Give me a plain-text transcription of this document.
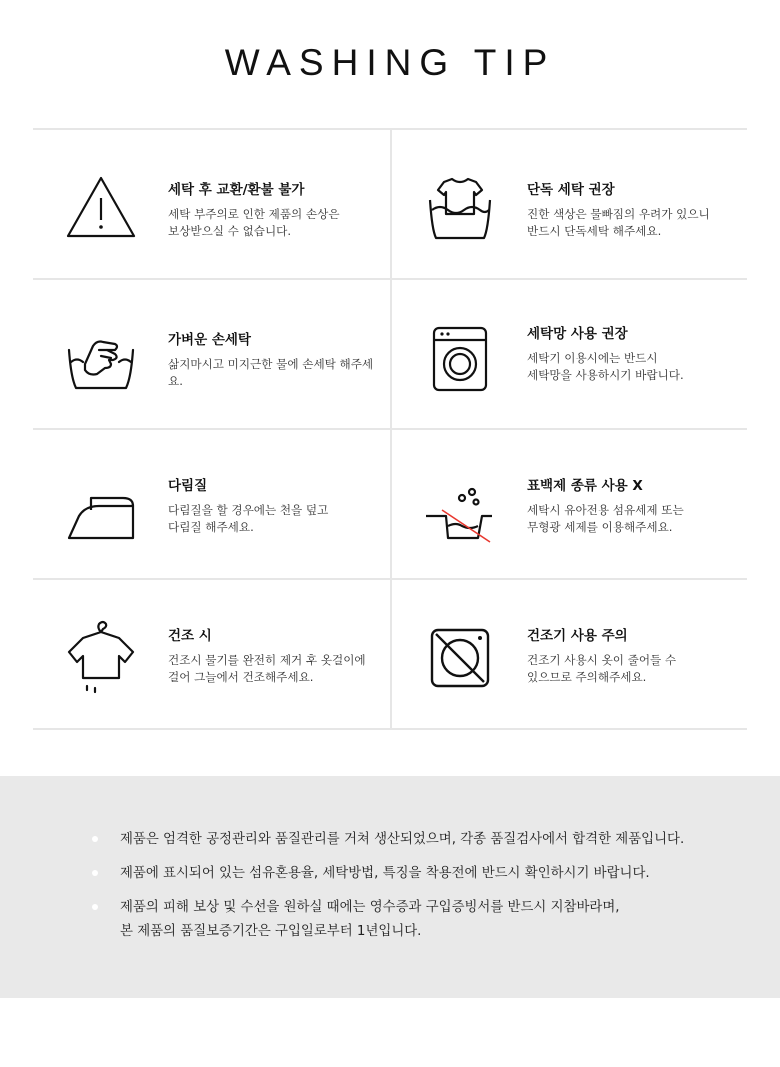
WASHING TIP
세탁 후 교환/환불 불가

세탁 부주의로 인한 제품의 손상은
보상받으실 수 없습니다.

단독 세탁 권장

진한 색상은 물빠짐의 우려가 있으니
반드시 단독세탁 해주세요.

가벼운 손세탁

삶지마시고 미지근한 물에 손세탁 해주세요.

세탁망 사용 권장

세탁기 이용시에는 반드시
세탁망을 사용하시기 바랍니다.

다림질

다림질을 할 경우에는 천을 덮고
다림질 해주세요.

표백제 종류 사용 X

세탁시 유아전용 섬유세제 또는
무형광 세제를 이용해주세요.

건조 시

건조시 물기를 완전히 제거 후 옷걸이에
걸어 그늘에서 건조해주세요.

건조기 사용 주의

건조기 사용시 옷이 줄어들 수
있으므로 주의해주세요.

제품은 엄격한 공정관리와 품질관리를 거쳐 생산되었으며, 각종 품질검사에서 합격한 제품입니다.
제품에 표시되어 있는 섬유혼용율, 세탁방법, 특징을 착용전에 반드시 확인하시기 바랍니다.
제품의 피해 보상 및 수선을 원하실 때에는 영수증과 구입증빙서를 반드시 지참바라며,
본 제품의 품질보증기간은 구입일로부터 1년입니다.
